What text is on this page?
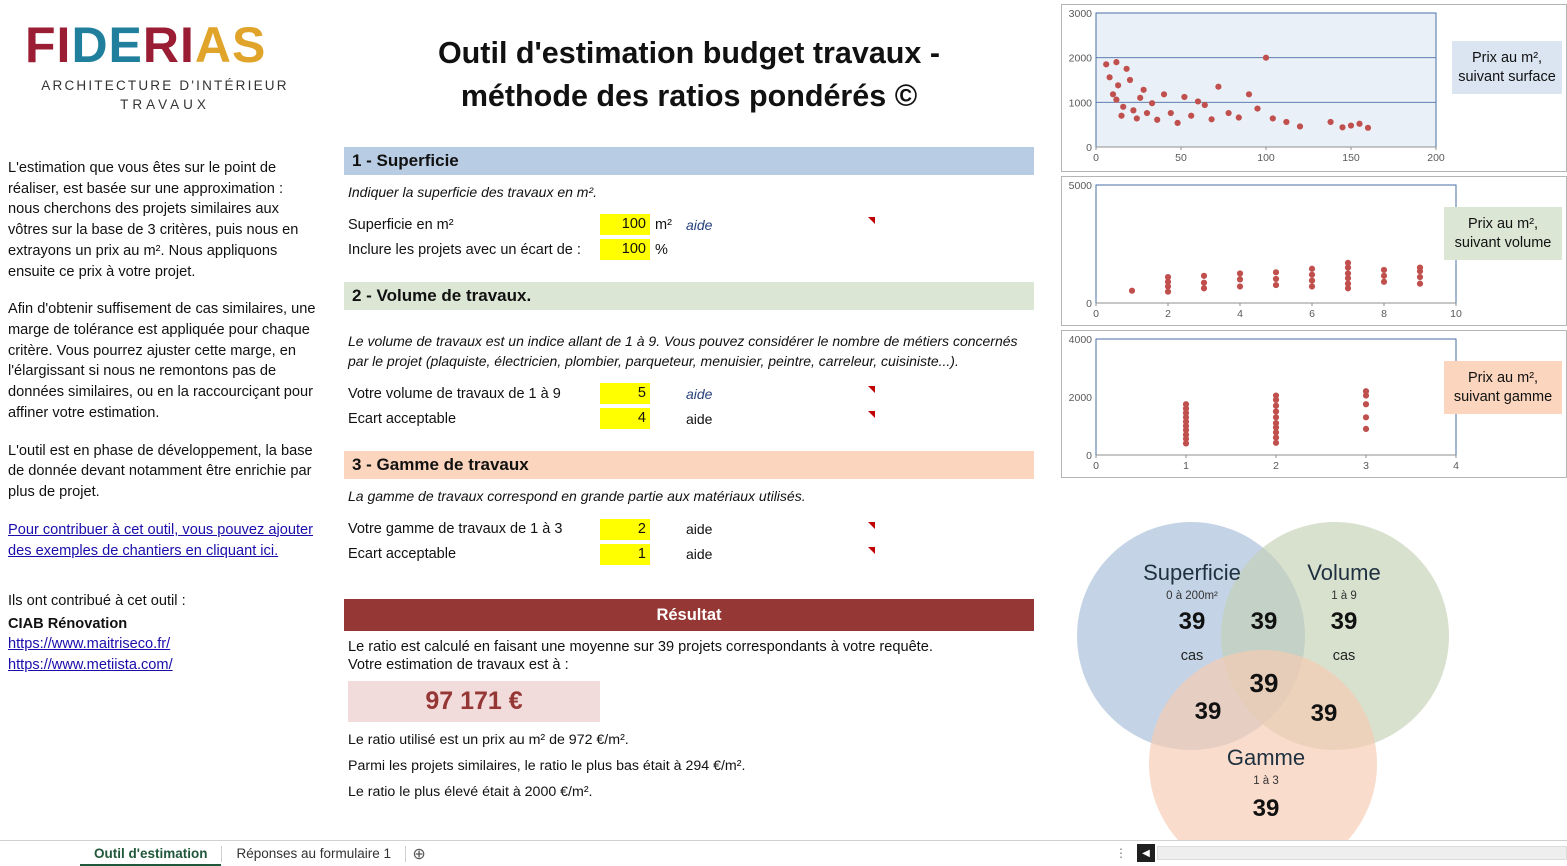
FIDERIAS
ARCHITECTURE D'INTÉRIEUR
TRAVAUX

L'estimation que vous êtes sur le point de réaliser, est basée sur une approximation : nous cherchons des projets similaires aux vôtres sur la base de 3 critères, puis nous en extrayons un prix au m². Nous appliquons ensuite ce prix à votre projet.

Afin d'obtenir suffisement de cas similaires, une marge de tolérance est appliquée pour chaque critère. Vous pourrez ajuster cette marge, en l'élargissant si nous ne remontons pas de données similaires, ou en la raccourciçant pour affiner votre estimation.

L'outil est en phase de développement, la base de donnée devant notamment être enrichie par plus de projet.

Pour contribuer à cet outil, vous pouvez ajouter
des exemples de chantiers en cliquant ici.
Ils ont contribué à cet outil :
CIAB Rénovation
https://www.maitriseco.fr/
https://www.metiista.com/
Outil d'estimation budget travaux -
méthode des ratios pondérés ©
1 - Superficie
Indiquer la superficie des travaux en m².
Superficie en m²	100 m²	aide
Inclure les projets avec un écart de :	100 %
2 - Volume de travaux.
Le volume de travaux est un indice allant de 1 à 9. Vous pouvez considérer le nombre de métiers concernés par le projet (plaquiste, électricien, plombier, parqueteur, menuisier, peintre, carreleur, cuisiniste...).
Votre volume de travaux de 1 à 9	5	aide
Ecart acceptable	4	aide
3 - Gamme de travaux
La gamme de travaux correspond en grande partie aux matériaux utilisés.
Votre gamme de travaux de 1 à 3	2	aide
Ecart acceptable	1	aide
Résultat
Le ratio est calculé en faisant une moyenne sur 39 projets correspondants à votre requête.
Votre estimation de travaux est à :
97 171 €
Le ratio utilisé est un prix au m² de 972 €/m².
Parmi les projets similaires, le ratio le plus bas était à 294 €/m².
Le ratio le plus élevé était à 2000 €/m².
0
1000
2000
3000
0	50	100	150	200
Prix au m²,
suivant surface
0
5000
0	2	4	6	8	10
Prix au m²,
suivant volume
0
2000
4000
0	1	2	3	4
Prix au m²,
suivant gamme
Superficie
0 à 200m²
39
cas
Volume
1 à 9
39
cas
Gamme
1 à 3
39
39
39
39	39
Outil d'estimation	Réponses au formulaire 1	⊕	⋮	◀
